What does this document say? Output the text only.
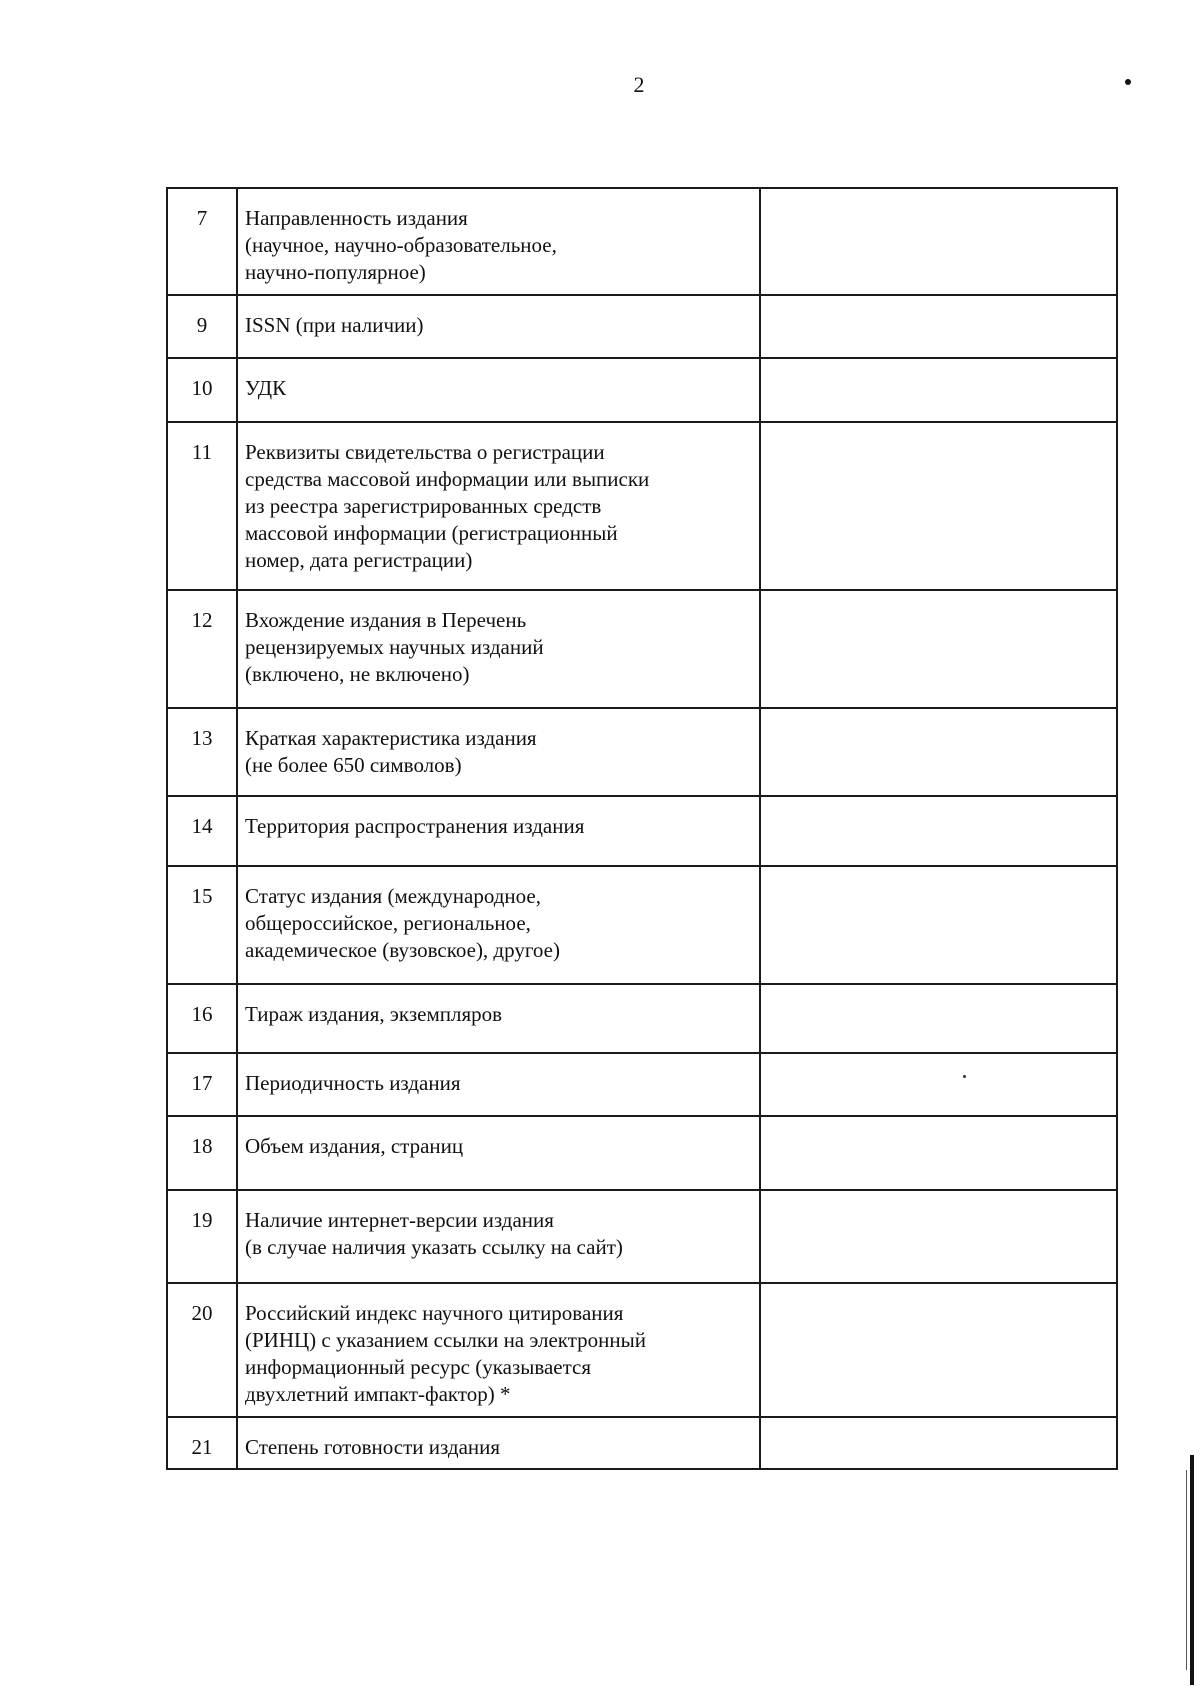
2
7	Направленность издания
(научное, научно-образовательное,
научно-популярное)	

9	ISSN (при наличии)	

10	УДК	

11	Реквизиты свидетельства о регистрации
средства массовой информации или выписки
из реестра зарегистрированных средств
массовой информации (регистрационный
номер, дата регистрации)	

12	Вхождение издания в Перечень
рецензируемых научных изданий
(включено, не включено)	

13	Краткая характеристика издания
(не более 650 символов)	

14	Территория распространения издания	

15	Статус издания (международное,
общероссийское, региональное,
академическое (вузовское), другое)	

16	Тираж издания, экземпляров	

17	Периодичность издания	

18	Объем издания, страниц	

19	Наличие интернет-версии издания
(в случае наличия указать ссылку на сайт)	

20	Российский индекс научного цитирования
(РИНЦ) с указанием ссылки на электронный
информационный ресурс (указывается
двухлетний импакт-фактор) *	

21	Степень готовности издания	
